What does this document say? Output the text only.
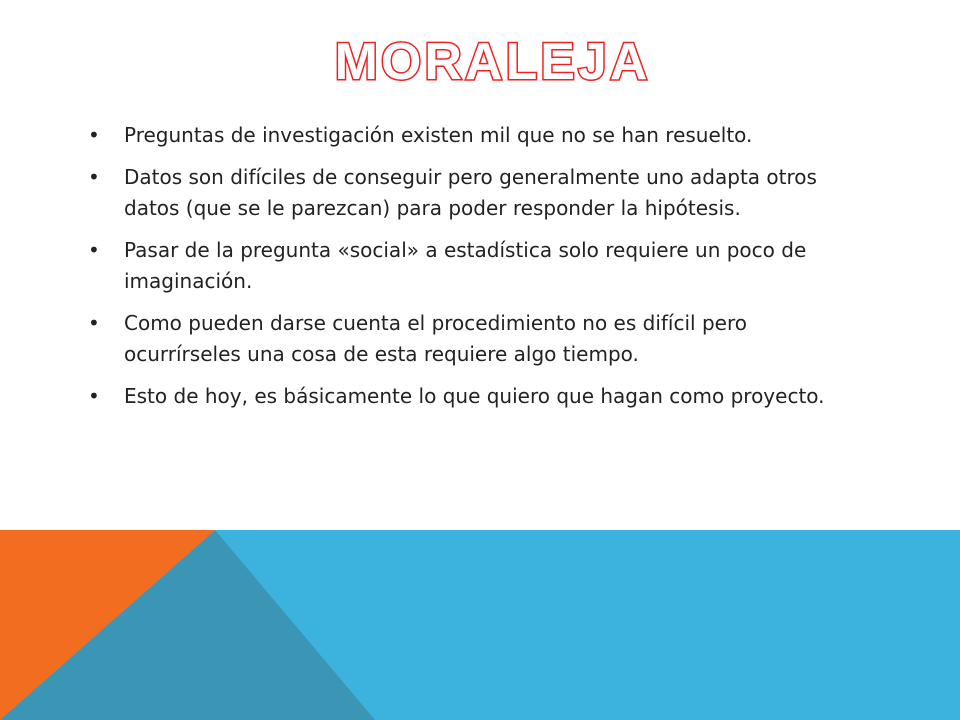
MORALEJA
•	Preguntas de investigación existen mil que no se han resuelto.
•	Datos son difíciles de conseguir pero generalmente uno adapta otros datos (que se le parezcan) para poder responder la hipótesis.
•	Pasar de la pregunta «social» a estadística solo requiere un poco de imaginación.
•	Como pueden darse cuenta el procedimiento no es difícil pero ocurrírseles una cosa de esta requiere algo tiempo.
•	Esto de hoy, es básicamente lo que quiero que hagan como proyecto.
